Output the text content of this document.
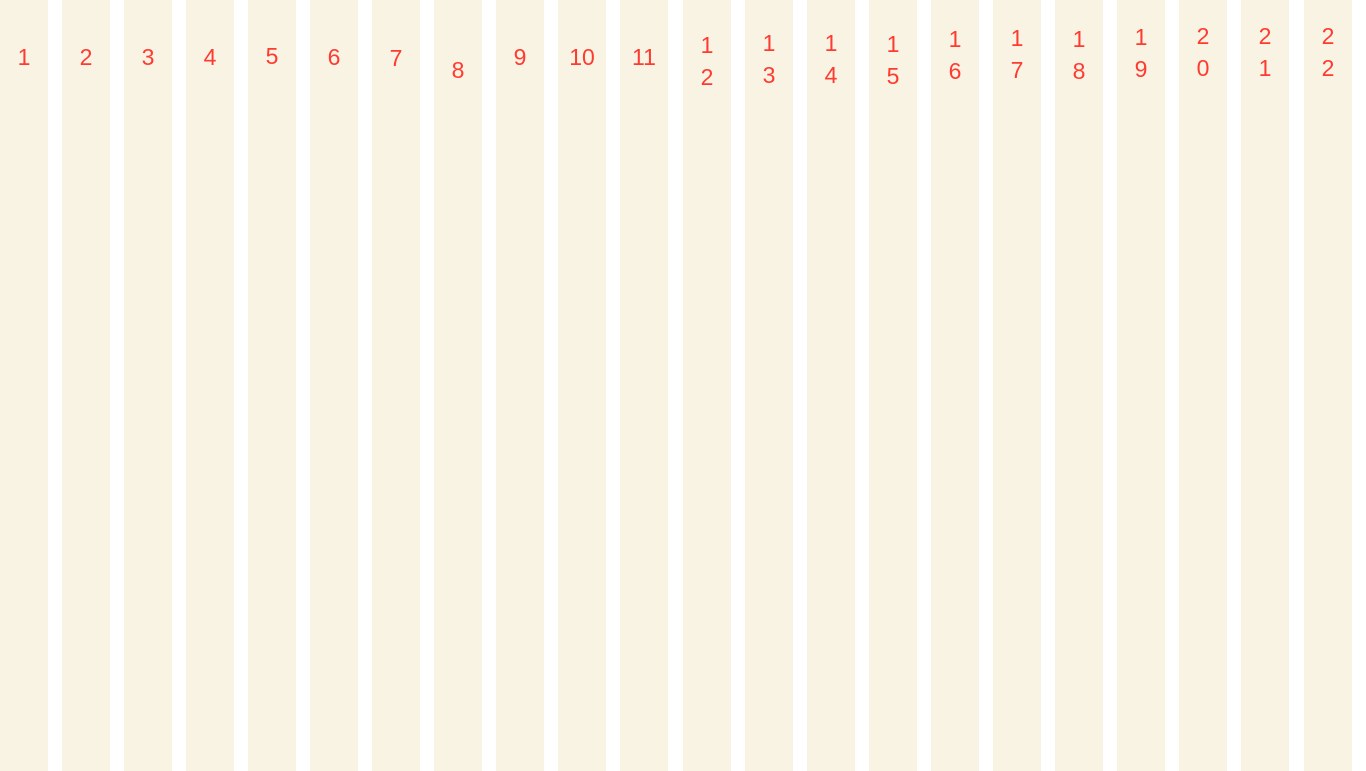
1	2	3	4	5	6	7	8	9	10	11	1
2
1
3
1
4
1
5
1
6
1
7
1
8
1
9
2
0
2
1
2
2
